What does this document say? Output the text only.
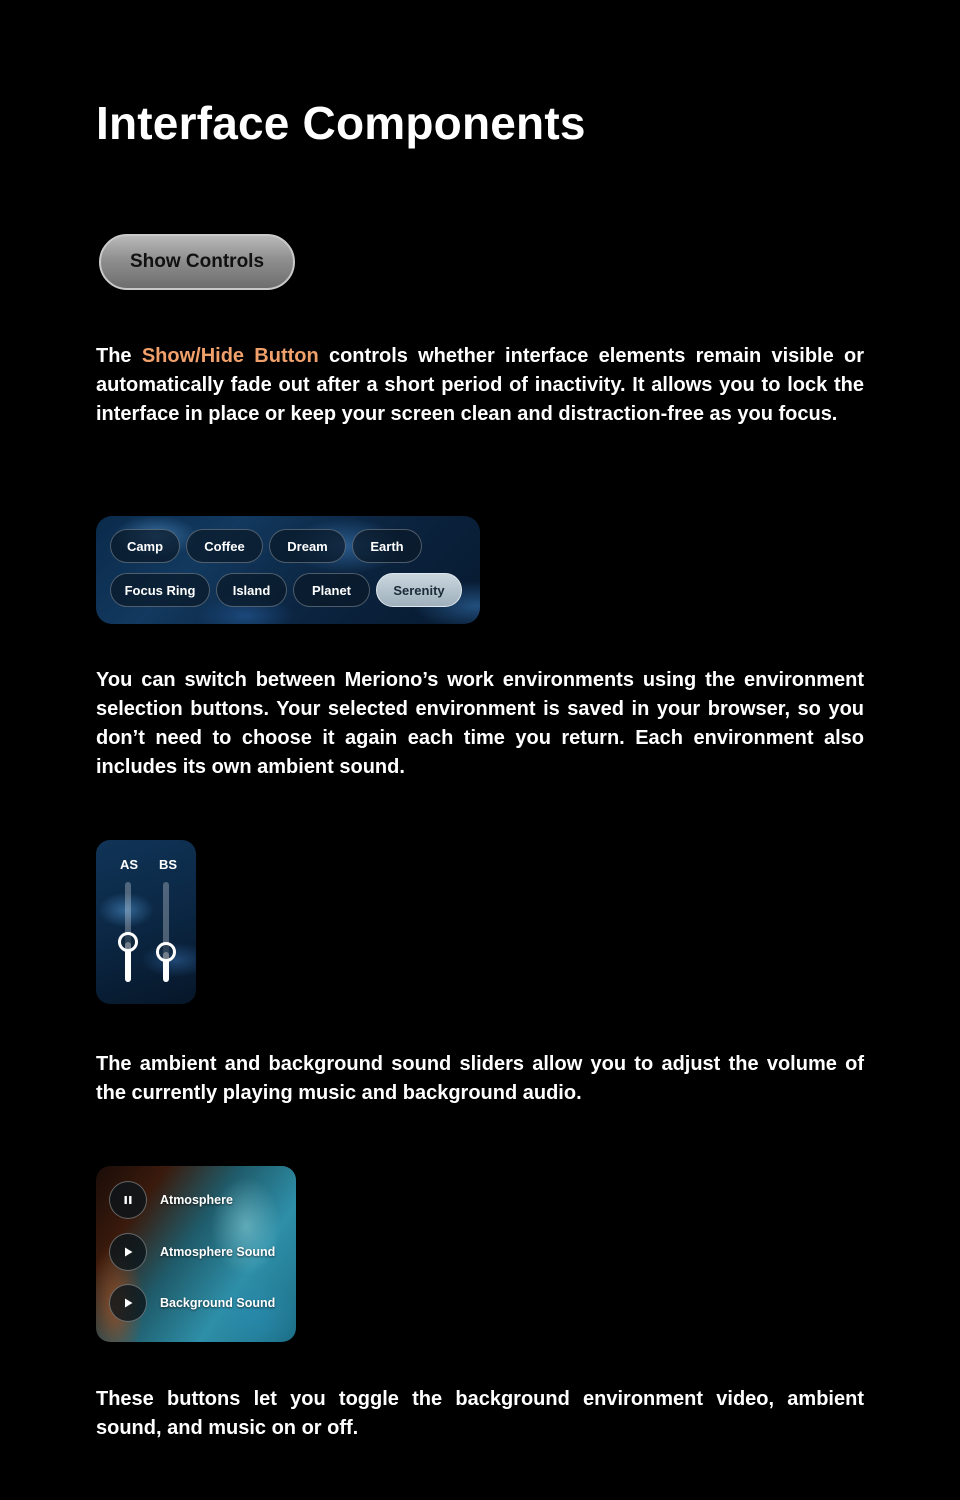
Interface Components
Show Controls

The Show/Hide Button controls whether interface elements remain visible or automatically fade out after a short period of inactivity. It allows you to lock the interface in place or keep your screen clean and distraction-free as you focus.

Camp	Coffee	Dream	Earth
Focus Ring	Island	Planet	Serenity

You can switch between Meriono’s work environments using the environment selection buttons. Your selected environment is saved in your browser, so you don’t need to choose it again each time you return. Each environment also includes its own ambient sound.

AS BS

The ambient and background sound sliders allow you to adjust the volume of the currently playing music and background audio.

Atmosphere
Atmosphere Sound
Background Sound

These buttons let you toggle the background environment video, ambient sound, and music on or off.
